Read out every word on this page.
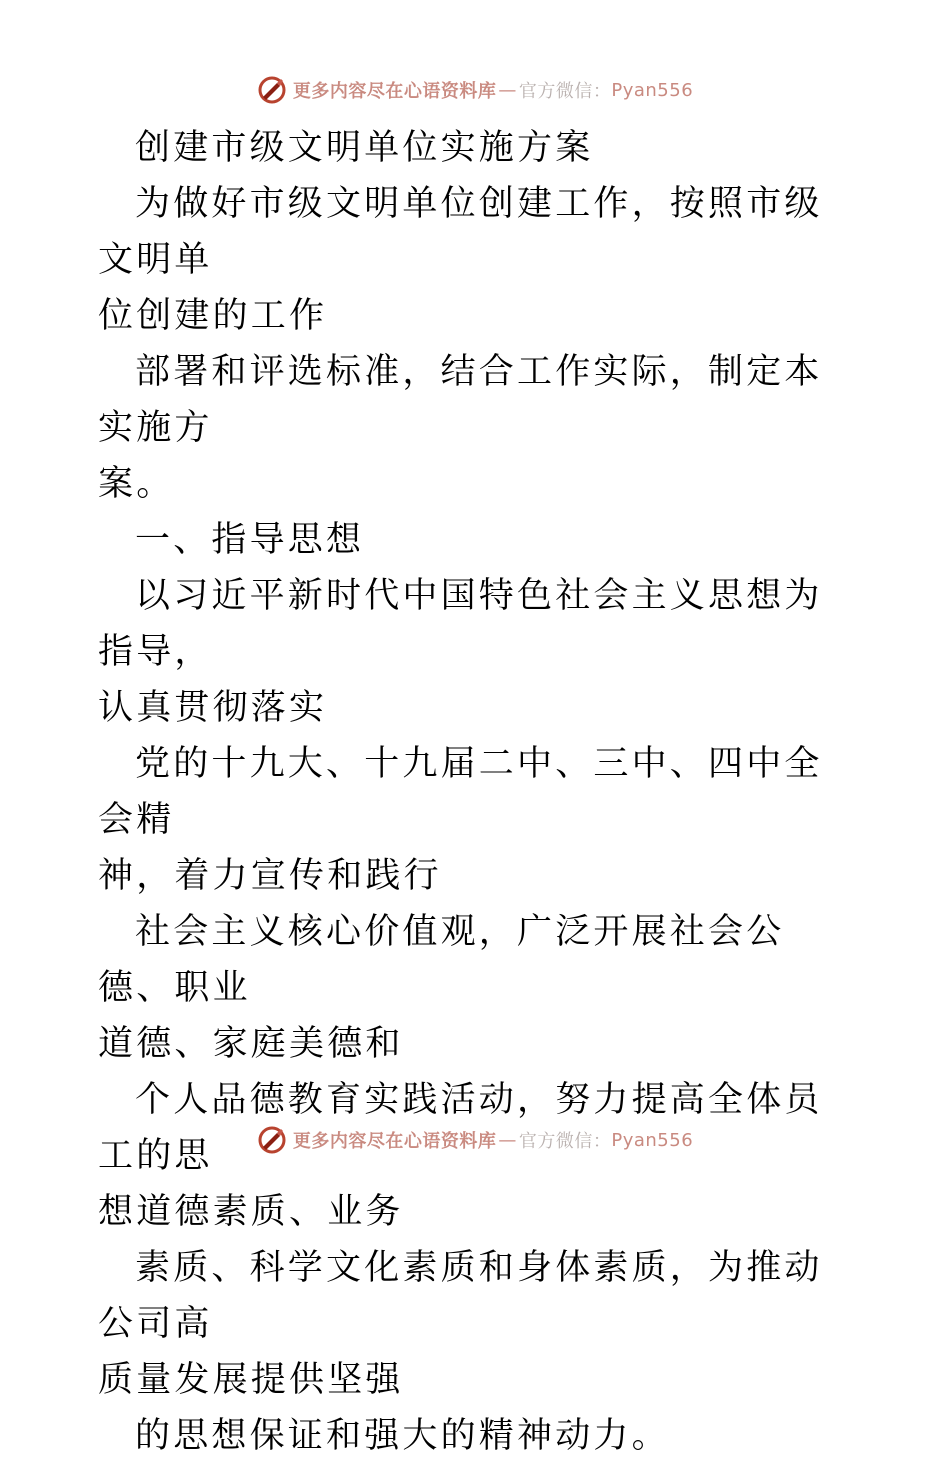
更多内容尽在心语资料库 — 官方微信： Pyan556

创建市级文明单位实施方案

为做好市级文明单位创建工作，按照市级文明单

位创建的工作

部署和评选标准，结合工作实际，制定本实施方

案。

一、指导思想

以习近平新时代中国特色社会主义思想为指导，

认真贯彻落实

党的十九大、十九届二中、三中、四中全会精

神，着力宣传和践行

社会主义核心价值观，广泛开展社会公德、职业

道德、家庭美德和

个人品德教育实践活动，努力提高全体员工的思

想道德素质、业务

素质、科学文化素质和身体素质，为推动公司高

质量发展提供坚强

的思想保证和强大的精神动力。

更多内容尽在心语资料库 — 官方微信： Pyan556
